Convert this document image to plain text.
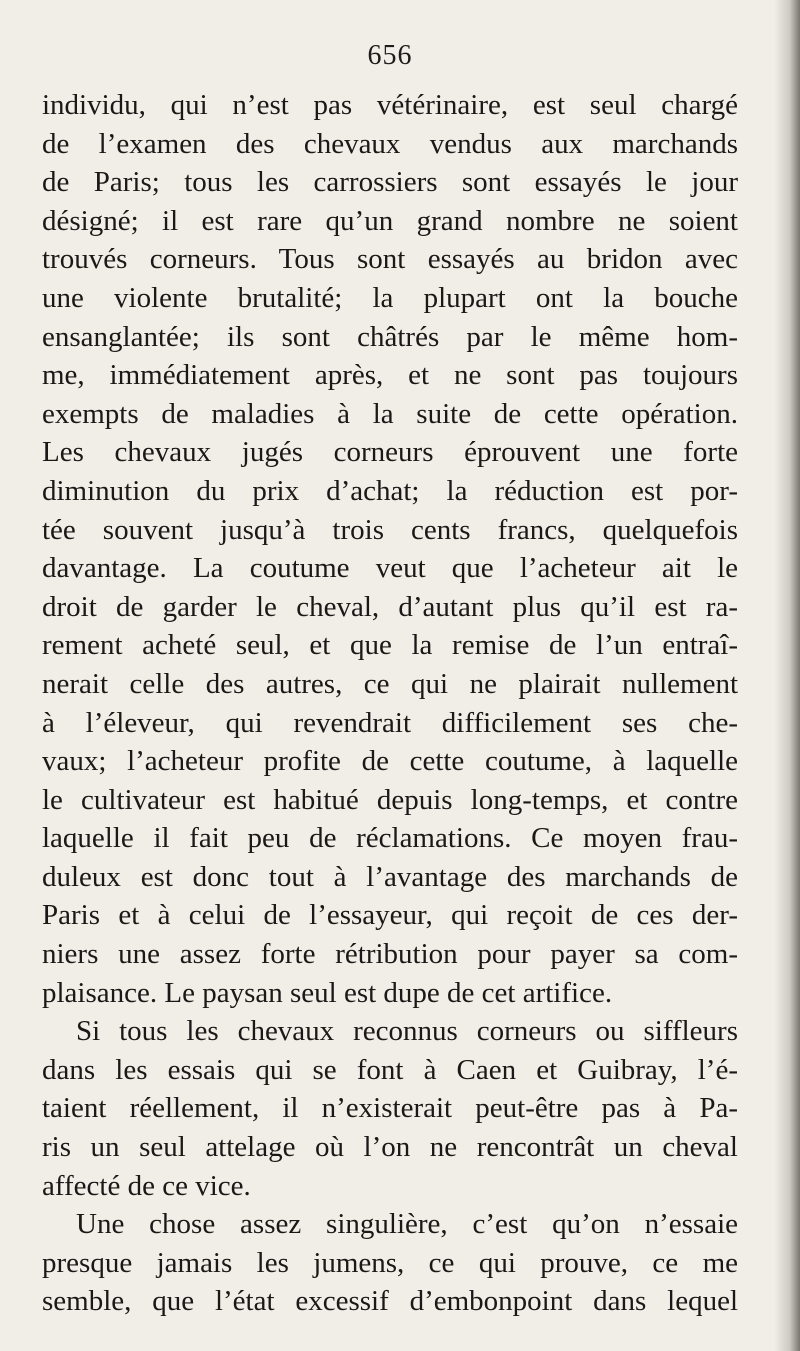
656
individu, qui n’est pas vétérinaire, est seul chargé
de l’examen des chevaux vendus aux marchands
de Paris; tous les carrossiers sont essayés le jour
désigné; il est rare qu’un grand nombre ne soient
trouvés corneurs. Tous sont essayés au bridon avec
une violente brutalité; la plupart ont la bouche
ensanglantée; ils sont châtrés par le même hom-
me, immédiatement après, et ne sont pas toujours
exempts de maladies à la suite de cette opération.
Les chevaux jugés corneurs éprouvent une forte
diminution du prix d’achat; la réduction est por-
tée souvent jusqu’à trois cents francs, quelquefois
davantage. La coutume veut que l’acheteur ait le
droit de garder le cheval, d’autant plus qu’il est ra-
rement acheté seul, et que la remise de l’un entraî-
nerait celle des autres, ce qui ne plairait nullement
à l’éleveur, qui revendrait difficilement ses che-
vaux; l’acheteur profite de cette coutume, à laquelle
le cultivateur est habitué depuis long-temps, et contre
laquelle il fait peu de réclamations. Ce moyen frau-
duleux est donc tout à l’avantage des marchands de
Paris et à celui de l’essayeur, qui reçoit de ces der-
niers une assez forte rétribution pour payer sa com-
plaisance. Le paysan seul est dupe de cet artifice.
Si tous les chevaux reconnus corneurs ou siffleurs
dans les essais qui se font à Caen et Guibray, l’é-
taient réellement, il n’existerait peut-être pas à Pa-
ris un seul attelage où l’on ne rencontrât un cheval
affecté de ce vice.
Une chose assez singulière, c’est qu’on n’essaie
presque jamais les jumens, ce qui prouve, ce me
semble, que l’état excessif d’embonpoint dans lequel
